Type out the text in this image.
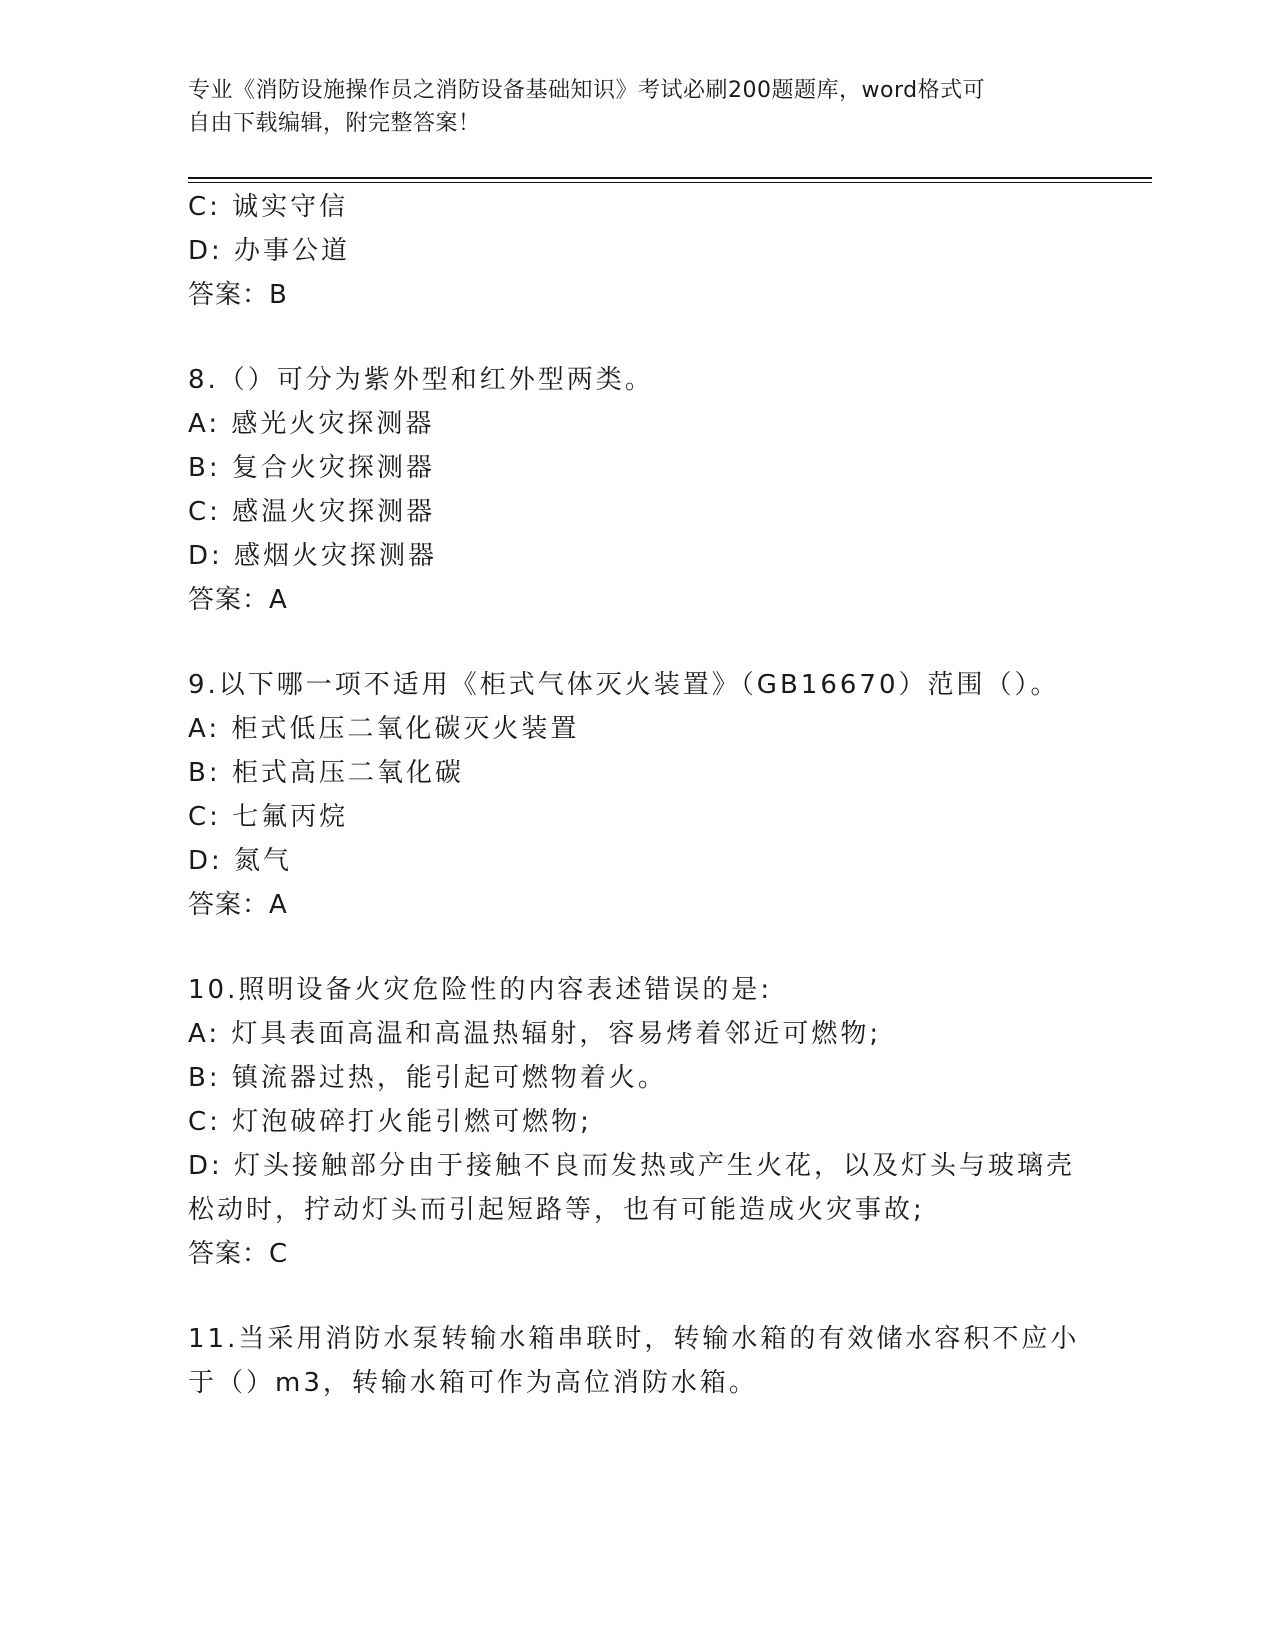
专业《消防设施操作员之消防设备基础知识》考试必刷200题题库，word格式可
自由下载编辑，附完整答案！
C: 诚实守信
D: 办事公道
答案：B
8.（）可分为紫外型和红外型两类。
A: 感光火灾探测器
B: 复合火灾探测器
C: 感温火灾探测器
D: 感烟火灾探测器
答案：A
9.以下哪一项不适用《柜式气体灭火装置》（GB16670）范围（）。
A: 柜式低压二氧化碳灭火装置
B: 柜式高压二氧化碳
C: 七氟丙烷
D: 氮气
答案：A
10.照明设备火灾危险性的内容表述错误的是:
A: 灯具表面高温和高温热辐射，容易烤着邻近可燃物;
B: 镇流器过热，能引起可燃物着火。
C: 灯泡破碎打火能引燃可燃物;
D: 灯头接触部分由于接触不良而发热或产生火花，以及灯头与玻璃壳
松动时，拧动灯头而引起短路等，也有可能造成火灾事故;
答案：C
11.当采用消防水泵转输水箱串联时，转输水箱的有效储水容积不应小
于（）m3，转输水箱可作为高位消防水箱。
